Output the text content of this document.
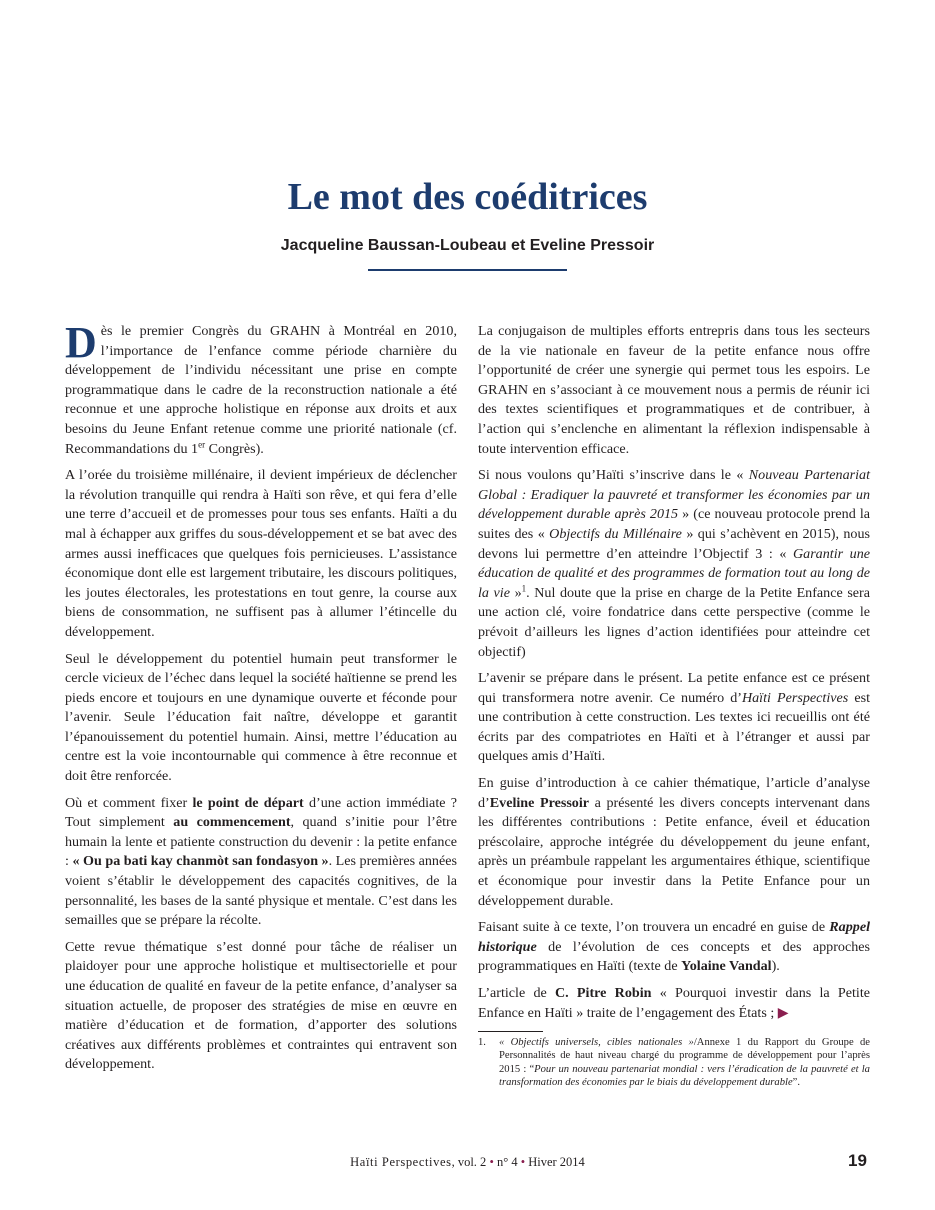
Le mot des coéditrices
Jacqueline Baussan-Loubeau et Eveline Pressoir

Dès le premier Congrès du GRAHN à Montréal en 2010, l’importance de l’enfance comme période charnière du développement de l’individu nécessitant une prise en compte programmatique dans le cadre de la reconstruction nationale a été reconnue et une approche holistique en réponse aux droits et aux besoins du Jeune Enfant retenue comme une priorité nationale (cf. Recommandations du 1er Congrès).

A l’orée du troisième millénaire, il devient impérieux de déclencher la révolution tranquille qui rendra à Haïti son rêve, et qui fera d’elle une terre d’accueil et de promesses pour tous ses enfants. Haïti a du mal à échapper aux griffes du sous-développement et se bat avec des armes aussi inefficaces que quelques fois pernicieuses. L’assistance économique dont elle est largement tributaire, les discours politiques, les joutes électorales, les protestations en tout genre, la course aux biens de consommation, ne suffisent pas à allumer l’étincelle du développement.

Seul le développement du potentiel humain peut transformer le cercle vicieux de l’échec dans lequel la société haïtienne se prend les pieds encore et toujours en une dynamique ouverte et féconde pour l’avenir. Seule l’éducation fait naître, développe et garantit l’épanouissement du potentiel humain. Ainsi, mettre l’éducation au centre est la voie incontournable qui commence à être reconnue et doit être renforcée.

Où et comment fixer le point de départ d’une action immédiate ? Tout simplement au commencement, quand s’initie pour l’être humain la lente et patiente construction du devenir : la petite enfance : « Ou pa bati kay chanmòt san fondasyon ». Les premières années voient s’établir le développement des capacités cognitives, de la personnalité, les bases de la santé physique et mentale. C’est dans les semailles que se prépare la récolte.

Cette revue thématique s’est donné pour tâche de réaliser un plaidoyer pour une approche holistique et multisectorielle et pour une éducation de qualité en faveur de la petite enfance, d’analyser sa situation actuelle, de proposer des stratégies de mise en œuvre en matière d’éducation et de formation, d’apporter des solutions créatives aux différents problèmes et contraintes qui entravent son développement.

La conjugaison de multiples efforts entrepris dans tous les secteurs de la vie nationale en faveur de la petite enfance nous offre l’opportunité de créer une synergie qui permet tous les espoirs. Le GRAHN en s’associant à ce mouvement nous a permis de réunir ici des textes scientifiques et programmatiques et de contribuer, à l’action qui s’enclenche en alimentant la réflexion indispensable à toute intervention efficace.

Si nous voulons qu’Haïti s’inscrive dans le « Nouveau Partenariat Global : Eradiquer la pauvreté et transformer les économies par un développement durable après 2015 » (ce nouveau protocole prend la suites des « Objectifs du Millénaire » qui s’achèvent en 2015), nous devons lui permettre d’en atteindre l’Objectif 3 : « Garantir une éducation de qualité et des programmes de formation tout au long de la vie »$^1$. Nul doute que la prise en charge de la Petite Enfance sera une action clé, voire fondatrice dans cette perspective (comme le prévoit d’ailleurs les lignes d’action identifiées pour atteindre cet objectif)

L’avenir se prépare dans le présent. La petite enfance est ce présent qui transformera notre avenir. Ce numéro d’Haïti Perspectives est une contribution à cette construction. Les textes ici recueillis ont été écrits par des compatriotes en Haïti et à l’étranger et aussi par quelques amis d’Haïti.

En guise d’introduction à ce cahier thématique, l’article d’analyse d’Eveline Pressoir a présenté les divers concepts intervenant dans les différentes contributions : Petite enfance, éveil et éducation préscolaire, approche intégrée du développement du jeune enfant, après un préambule rappelant les argumentaires éthique, scientifique et économique pour investir dans la Petite Enfance pour un développement durable.

Faisant suite à ce texte, l’on trouvera un encadré en guise de Rappel historique de l’évolution de ces concepts et des approches programmatiques en Haïti (texte de Yolaine Vandal).

L’article de C. Pitre Robin « Pourquoi investir dans la Petite Enfance en Haïti » traite de l’engagement des États ; ▶

1. « Objectifs universels, cibles nationales »/Annexe 1 du Rapport du Groupe de Personnalités de haut niveau chargé du programme de développement pour l’après 2015 : “Pour un nouveau partenariat mondial : vers l’éradication de la pauvreté et la transformation des économies par le biais du développement durable”.
Haïti Perspectives, vol. 2 • n° 4 • Hiver 2014	19
